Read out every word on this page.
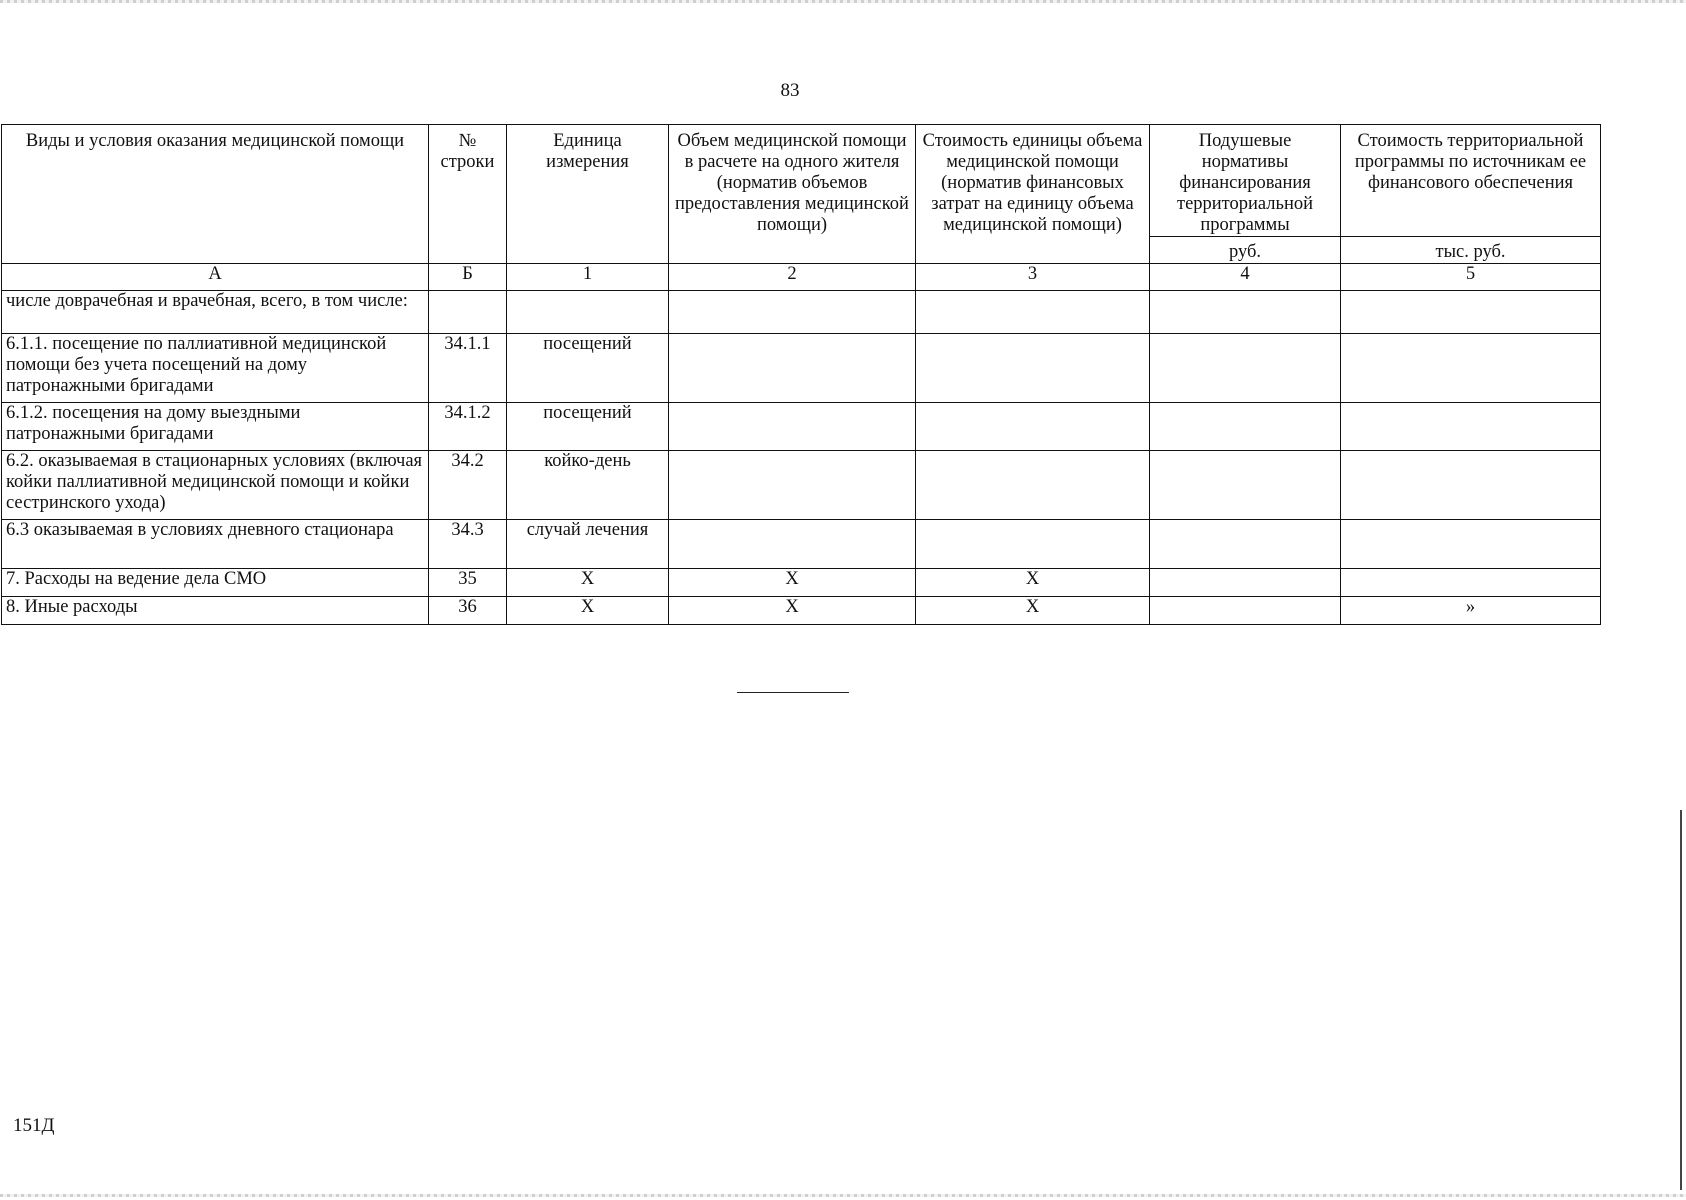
83
Виды и условия оказания медицинской помощи	№ строки	Единица измерения	Объем медицинской помощи в расчете на одного жителя (норматив объемов предоставления медицинской помощи)	Стоимость единицы объема медицинской помощи (норматив финансовых затрат на единицу объема медицинской помощи)	Подушевые нормативы финансирования территориальной программы	Стоимость территориальной программы по источникам ее финансового обеспечения
					руб.	тыс. руб.
А	Б	1	2	3	4	5
числе доврачебная и врачебная, всего, в том числе:						
6.1.1. посещение по паллиативной медицинской помощи без учета посещений на дому патронажными бригадами	34.1.1	посещений				
6.1.2. посещения на дому выездными патронажными бригадами	34.1.2	посещений				
6.2. оказываемая в стационарных условиях (включая койки паллиативной медицинской помощи и койки сестринского ухода)	34.2	койко-день				
6.3 оказываемая в условиях дневного стационара	34.3	случай лечения				
7. Расходы на ведение дела СМО	35	X	X	X		
8. Иные расходы	36	X	X	X		»
151Д
